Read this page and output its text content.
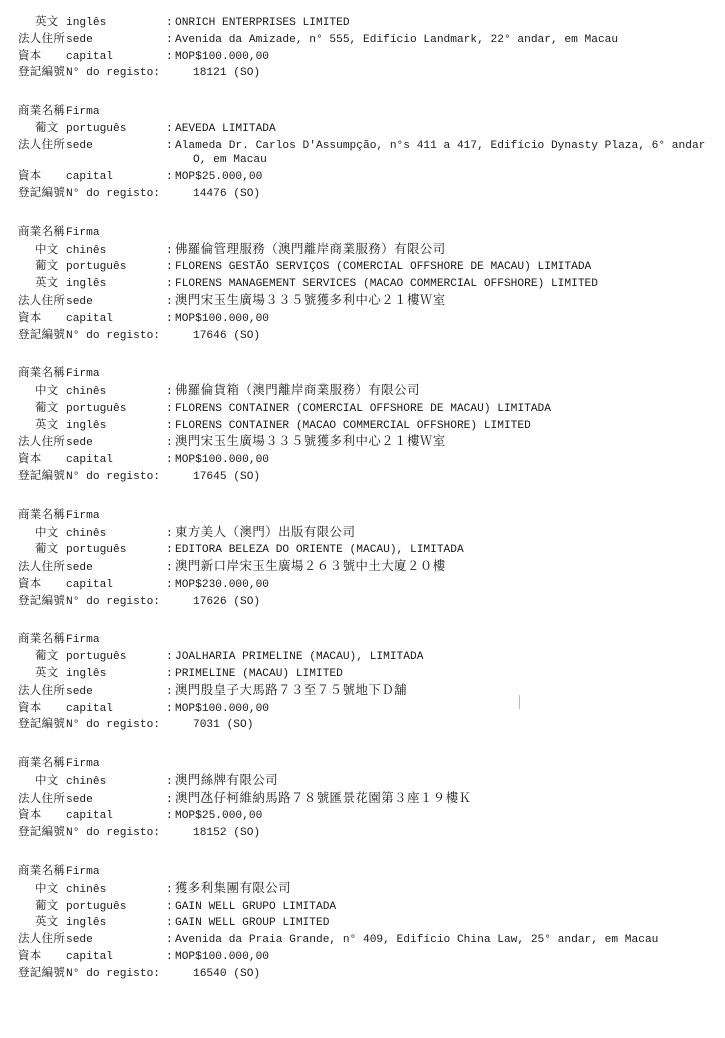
英文 inglês	: ONRICH ENTERPRISES LIMITED
法人住所 sede	: Avenida da Amizade, n° 555, Edifício Landmark, 22° andar, em Macau
資本	capital	: MOP$100.000,00
登記編號 N° do registo:	18121 (SO)
商業名稱 Firma
葡文 português	: AEVEDA LIMITADA
法人住所 sede	: Alameda Dr. Carlos D'Assumpção, n°s 411 a 417, Edifício Dynasty Plaza, 6° andar
O, em Macau
資本	capital	: MOP$25.000,00
登記編號 N° do registo:	14476 (SO)
商業名稱 Firma
中文 chinês	: 佛羅倫管理服務（澳門離岸商業服務）有限公司
葡文 português	: FLORENS GESTÃO SERVIÇOS (COMERCIAL OFFSHORE DE MACAU) LIMITADA
英文 inglês	: FLORENS MANAGEMENT SERVICES (MACAO COMMERCIAL OFFSHORE) LIMITED
法人住所 sede	: 澳門宋玉生廣場３３５號獲多利中心２１樓Ｗ室
資本	capital	: MOP$100.000,00
登記編號 N° do registo:	17646 (SO)
商業名稱 Firma
中文 chinês	: 佛羅倫貨箱（澳門離岸商業服務）有限公司
葡文 português	: FLORENS CONTAINER (COMERCIAL OFFSHORE DE MACAU) LIMITADA
英文 inglês	: FLORENS CONTAINER (MACAO COMMERCIAL OFFSHORE) LIMITED
法人住所 sede	: 澳門宋玉生廣場３３５號獲多利中心２１樓Ｗ室
資本	capital	: MOP$100.000,00
登記編號 N° do registo:	17645 (SO)
商業名稱 Firma
中文 chinês	: 東方美人（澳門）出版有限公司
葡文 português	: EDITORA BELEZA DO ORIENTE (MACAU), LIMITADA
法人住所 sede	: 澳門新口岸宋玉生廣場２６３號中土大廈２０樓
資本	capital	: MOP$230.000,00
登記編號 N° do registo:	17626 (SO)
商業名稱 Firma
葡文 português	: JOALHARIA PRIMELINE (MACAU), LIMITADA
英文 inglês	: PRIMELINE (MACAU) LIMITED
法人住所 sede	: 澳門殷皇子大馬路７３至７５號地下Ｄ舖
資本	capital	: MOP$100.000,00
登記編號 N° do registo:	7031 (SO)
商業名稱 Firma
中文 chinês	: 澳門絲牌有限公司
法人住所 sede	: 澳門氹仔柯維納馬路７８號匯景花園第３座１９樓Ｋ
資本	capital	: MOP$25.000,00
登記編號 N° do registo:	18152 (SO)
商業名稱 Firma
中文 chinês	: 獲多利集團有限公司
葡文 português	: GAIN WELL GRUPO LIMITADA
英文 inglês	: GAIN WELL GROUP LIMITED
法人住所 sede	: Avenida da Praia Grande, n° 409, Edifício China Law, 25° andar, em Macau
資本	capital	: MOP$100.000,00
登記編號 N° do registo:	16540 (SO)
